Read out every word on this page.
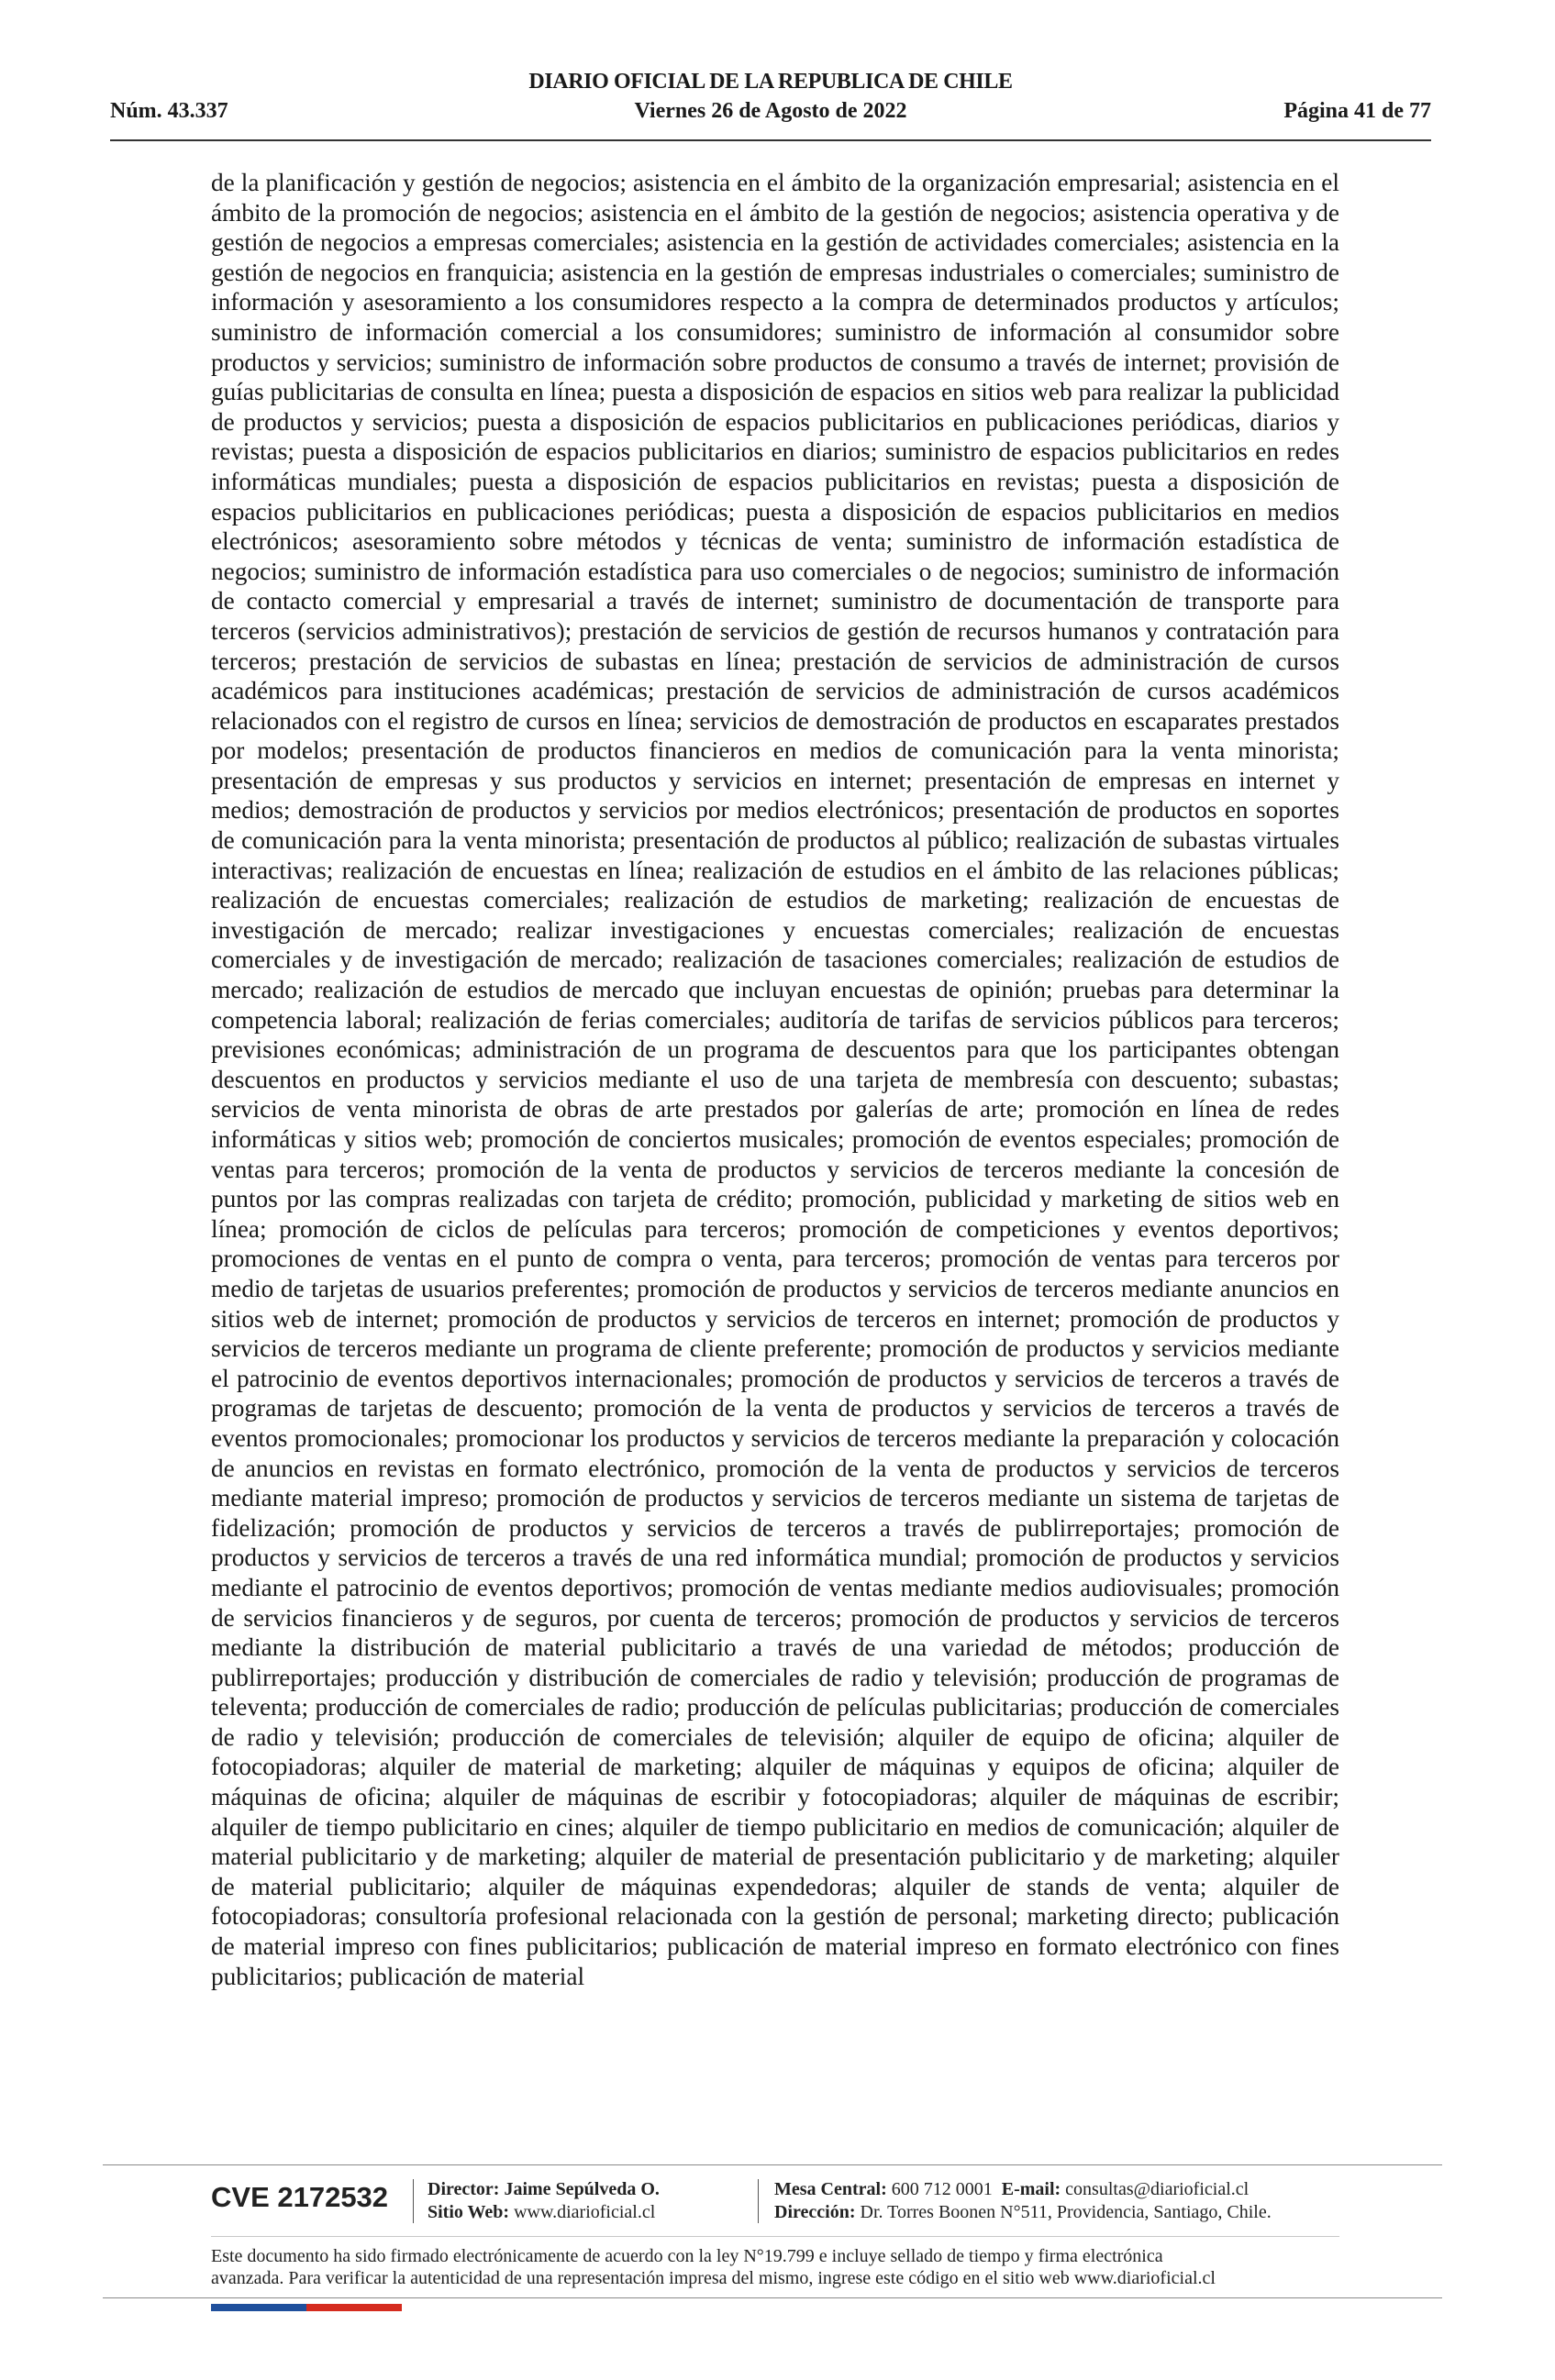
DIARIO OFICIAL DE LA REPUBLICA DE CHILE
Núm. 43.337	Viernes 26 de Agosto de 2022	Página 41 de 77
de la planificación y gestión de negocios; asistencia en el ámbito de la organización empresarial; asistencia en el ámbito de la promoción de negocios; asistencia en el ámbito de la gestión de negocios; asistencia operativa y de gestión de negocios a empresas comerciales; asistencia en la gestión de actividades comerciales; asistencia en la gestión de negocios en franquicia; asistencia en la gestión de empresas industriales o comerciales; suministro de información y asesoramiento a los consumidores respecto a la compra de determinados productos y artículos; suministro de información comercial a los consumidores; suministro de información al consumidor sobre productos y servicios; suministro de información sobre productos de consumo a través de internet; provisión de guías publicitarias de consulta en línea; puesta a disposición de espacios en sitios web para realizar la publicidad de productos y servicios; puesta a disposición de espacios publicitarios en publicaciones periódicas, diarios y revistas; puesta a disposición de espacios publicitarios en diarios; suministro de espacios publicitarios en redes informáticas mundiales; puesta a disposición de espacios publicitarios en revistas; puesta a disposición de espacios publicitarios en publicaciones periódicas; puesta a disposición de espacios publicitarios en medios electrónicos; asesoramiento sobre métodos y técnicas de venta; suministro de información estadística de negocios; suministro de información estadística para uso comerciales o de negocios; suministro de información de contacto comercial y empresarial a través de internet; suministro de documentación de transporte para terceros (servicios administrativos); prestación de servicios de gestión de recursos humanos y contratación para terceros; prestación de servicios de subastas en línea; prestación de servicios de administración de cursos académicos para instituciones académicas; prestación de servicios de administración de cursos académicos relacionados con el registro de cursos en línea; servicios de demostración de productos en escaparates prestados por modelos; presentación de productos financieros en medios de comunicación para la venta minorista; presentación de empresas y sus productos y servicios en internet; presentación de empresas en internet y medios; demostración de productos y servicios por medios electrónicos; presentación de productos en soportes de comunicación para la venta minorista; presentación de productos al público; realización de subastas virtuales interactivas; realización de encuestas en línea; realización de estudios en el ámbito de las relaciones públicas; realización de encuestas comerciales; realización de estudios de marketing; realización de encuestas de investigación de mercado; realizar investigaciones y encuestas comerciales; realización de encuestas comerciales y de investigación de mercado; realización de tasaciones comerciales; realización de estudios de mercado; realización de estudios de mercado que incluyan encuestas de opinión; pruebas para determinar la competencia laboral; realización de ferias comerciales; auditoría de tarifas de servicios públicos para terceros; previsiones económicas; administración de un programa de descuentos para que los participantes obtengan descuentos en productos y servicios mediante el uso de una tarjeta de membresía con descuento; subastas; servicios de venta minorista de obras de arte prestados por galerías de arte; promoción en línea de redes informáticas y sitios web; promoción de conciertos musicales; promoción de eventos especiales; promoción de ventas para terceros; promoción de la venta de productos y servicios de terceros mediante la concesión de puntos por las compras realizadas con tarjeta de crédito; promoción, publicidad y marketing de sitios web en línea; promoción de ciclos de películas para terceros; promoción de competiciones y eventos deportivos; promociones de ventas en el punto de compra o venta, para terceros; promoción de ventas para terceros por medio de tarjetas de usuarios preferentes; promoción de productos y servicios de terceros mediante anuncios en sitios web de internet; promoción de productos y servicios de terceros en internet; promoción de productos y servicios de terceros mediante un programa de cliente preferente; promoción de productos y servicios mediante el patrocinio de eventos deportivos internacionales; promoción de productos y servicios de terceros a través de programas de tarjetas de descuento; promoción de la venta de productos y servicios de terceros a través de eventos promocionales; promocionar los productos y servicios de terceros mediante la preparación y colocación de anuncios en revistas en formato electrónico, promoción de la venta de productos y servicios de terceros mediante material impreso; promoción de productos y servicios de terceros mediante un sistema de tarjetas de fidelización; promoción de productos y servicios de terceros a través de publirreportajes; promoción de productos y servicios de terceros a través de una red informática mundial; promoción de productos y servicios mediante el patrocinio de eventos deportivos; promoción de ventas mediante medios audiovisuales; promoción de servicios financieros y de seguros, por cuenta de terceros; promoción de productos y servicios de terceros mediante la distribución de material publicitario a través de una variedad de métodos; producción de publirreportajes; producción y distribución de comerciales de radio y televisión; producción de programas de televenta; producción de comerciales de radio; producción de películas publicitarias; producción de comerciales de radio y televisión; producción de comerciales de televisión; alquiler de equipo de oficina; alquiler de fotocopiadoras; alquiler de material de marketing; alquiler de máquinas y equipos de oficina; alquiler de máquinas de oficina; alquiler de máquinas de escribir y fotocopiadoras; alquiler de máquinas de escribir; alquiler de tiempo publicitario en cines; alquiler de tiempo publicitario en medios de comunicación; alquiler de material publicitario y de marketing; alquiler de material de presentación publicitario y de marketing; alquiler de material publicitario; alquiler de máquinas expendedoras; alquiler de stands de venta; alquiler de fotocopiadoras; consultoría profesional relacionada con la gestión de personal; marketing directo; publicación de material impreso con fines publicitarios; publicación de material impreso en formato electrónico con fines publicitarios; publicación de material
CVE 2172532 Director: Jaime Sepúlveda O.
Sitio Web: www.diarioficial.cl
Mesa Central: 600 712 0001 E-mail: consultas@diarioficial.cl
Dirección: Dr. Torres Boonen N°511, Providencia, Santiago, Chile.
Este documento ha sido firmado electrónicamente de acuerdo con la ley N°19.799 e incluye sellado de tiempo y firma electrónica
avanzada. Para verificar la autenticidad de una representación impresa del mismo, ingrese este código en el sitio web www.diarioficial.cl
